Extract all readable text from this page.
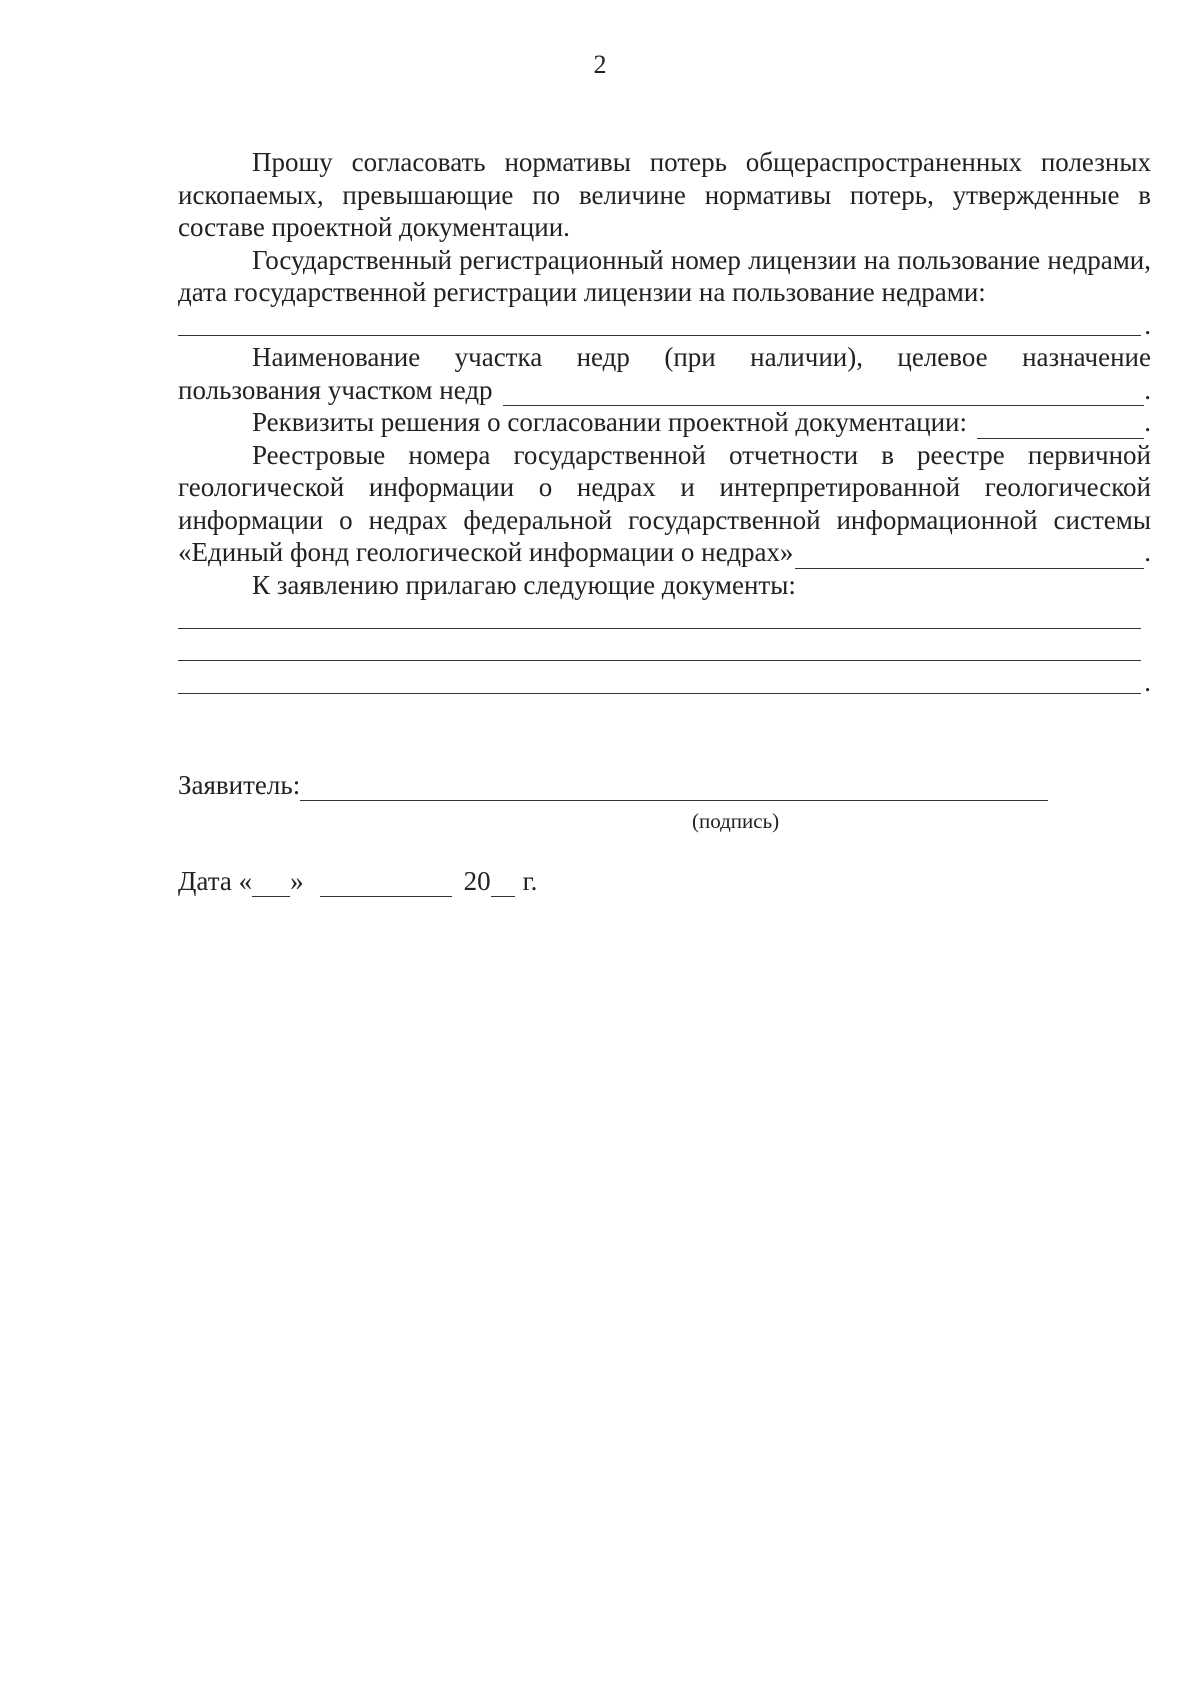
2

Прошу согласовать нормативы потерь общераспространенных полезных ископаемых, превышающие по величине нормативы потерь, утвержденные в составе проектной документации.

Государственный регистрационный номер лицензии на пользование недрами, дата государственной регистрации лицензии на пользование недрами:

.

Наименование участка недр (при наличии), целевое назначение

пользования участком недр	.
Реквизиты решения о согласовании проектной документации:	.

Реестровые номера государственной отчетности в реестре первичной геологической информации о недрах и интерпретированной геологической информации о недрах федеральной государственной информационной системы

«Единый фонд геологической информации о недрах»	.
К заявлению прилагаю следующие документы:
.
Заявитель:
(подпись)
Дата « »	20 г.
